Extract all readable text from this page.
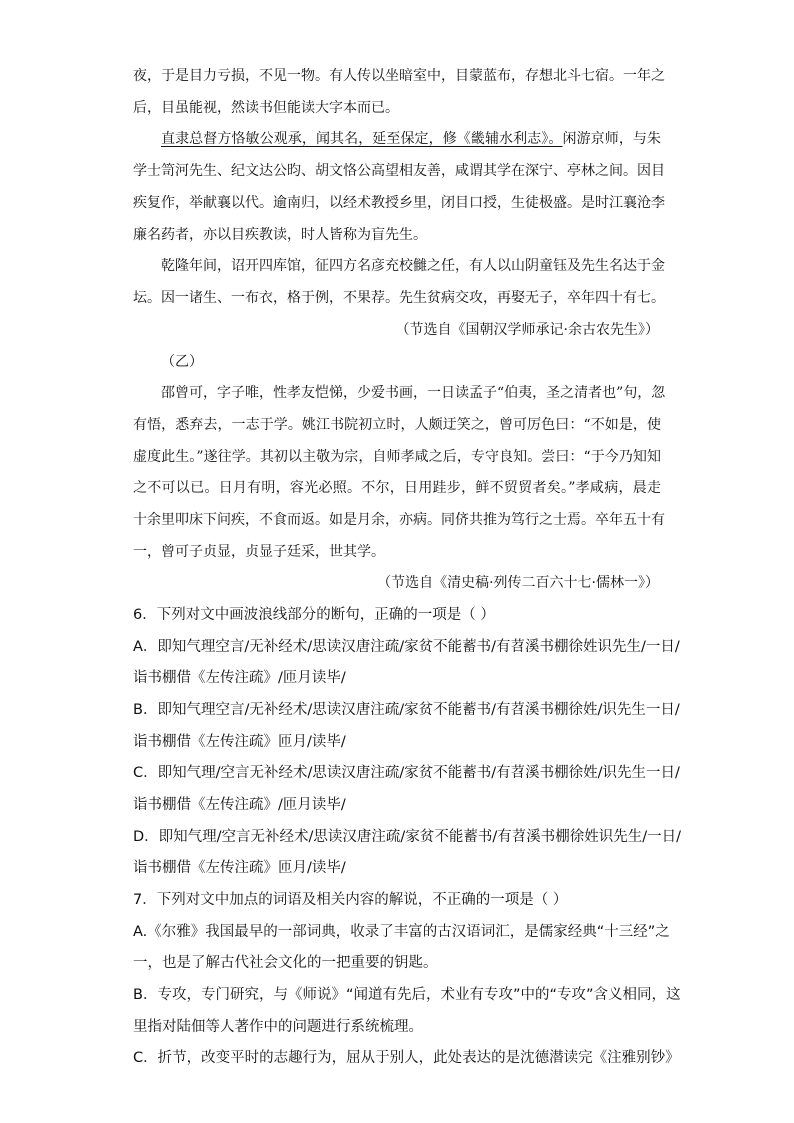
夜，于是目力亏损，不见一物。有人传以坐暗室中，目蒙蓝布，存想北斗七宿。一年之
后，目虽能视，然读书但能读大字本而已。
直隶总督方恪敏公观承，闻其名，延至保定，修《畿辅水利志》。闲游京师，与朱
学士笥河先生、纪文达公昀、胡文恪公高望相友善，咸谓其学在深宁、亭林之间。因目
疾复作，举献襄以代。逾南归，以经术教授乡里，闭目口授，生徒极盛。是时江襄沧李
廉名药者，亦以目疾教读，时人皆称为盲先生。
乾隆年间，诏开四库馆，征四方名彦充校雠之任，有人以山阴童钰及先生名达于金
坛。因一诸生、一布衣，格于例，不果荐。先生贫病交攻，再娶无子，卒年四十有七。
（节选自《国朝汉学师承记·余古农先生》）
（乙）
邵曾可，字子唯，性孝友恺悌，少爱书画，一日读孟子“伯夷，圣之清者也”句，忽
有悟，悉弃去，一志于学。姚江书院初立时，人颇迂笑之，曾可厉色曰：“不如是，使
虚度此生。”遂往学。其初以主敬为宗，自师孝咸之后，专守良知。尝曰：“于今乃知知
之不可以已。日月有明，容光必照。不尔，日用跬步，鲜不贸贸者矣。”孝咸病，晨走
十余里叩床下问疾，不食而返。如是月余，亦病。同侪共推为笃行之士焉。卒年五十有
一，曾可子贞显，贞显子廷采，世其学。
（节选自《清史稿·列传二百六十七·儒林一》）
6．下列对文中画波浪线部分的断句，正确的一项是（ ）
A．即知气理空言/无补经术/思读汉唐注疏/家贫不能蓄书/有苕溪书棚徐姓识先生/一日/
诣书棚借《左传注疏》/匝月读毕/
B．即知气理空言/无补经术/思读汉唐注疏/家贫不能蓄书/有苕溪书棚徐姓/识先生一日/
诣书棚借《左传注疏》匝月/读毕/
C．即知气理/空言无补经术/思读汉唐注疏/家贫不能蓄书/有苕溪书棚徐姓/识先生一日/
诣书棚借《左传注疏》/匝月读毕/
D．即知气理/空言无补经术/思读汉唐注疏/家贫不能蓄书/有苕溪书棚徐姓识先生/一日/
诣书棚借《左传注疏》匝月/读毕/
7．下列对文中加点的词语及相关内容的解说，不正确的一项是（ ）
A.《尔雅》我国最早的一部词典，收录了丰富的古汉语词汇，是儒家经典“十三经”之
一，也是了解古代社会文化的一把重要的钥匙。
B．专攻，专门研究，与《师说》“闻道有先后，术业有专攻”中的“专攻”含义相同，这
里指对陆佃等人著作中的问题进行系统梳理。
C．折节，改变平时的志趣行为，屈从于别人，此处表达的是沈德潜读完《注雅别钞》
